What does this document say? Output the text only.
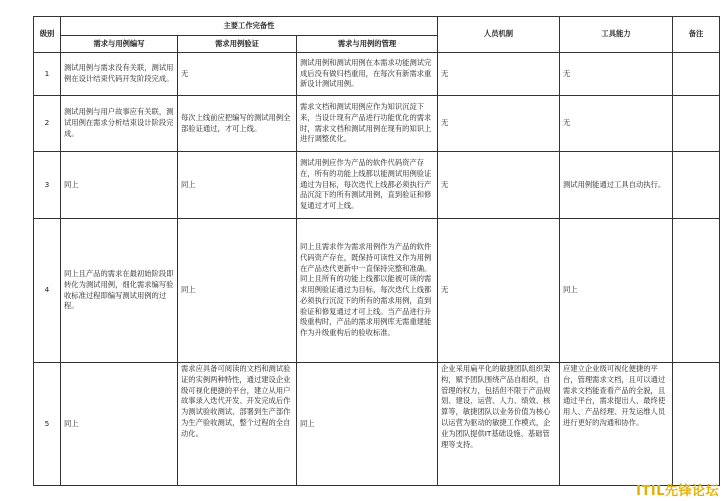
级别	主要工作完备性			人员机制	工具能力	备注
	需求与用例编写	需求用例验证	需求与用例的管理			
1	测试用例与需求没有关联，测试用例在设计结束代码开发阶段完成。	无	测试用例和测试用例在本需求功能测试完成后没有做归档重用，在每次有新需求重新设计测试用例。	无	无	
2	测试用例与用户故事应有关联，测试用例在需求分析结束设计阶段完成。	每次上线前应把编写的测试用例全部验证通过，才可上线。	需求文档和测试用例应作为知识沉淀下来，当设计现有产品进行功能优化的需求时，需求文档和测试用例在现有的知识上进行调整优化。	无	无	
3	同上	同上	测试用例应作为产品的软件代码资产存在，所有的功能上线都以能测试用例验证通过为目标，每次迭代上线都必须执行产品沉淀下的所有测试用例，直到验证和修复通过才可上线。	无	测试用例能通过工具自动执行。	
4	同上且产品的需求在最初始阶段即转化为测试用例，细化需求编写验收标准过程即编写测试用例的过程。	同上	同上且需求作为需求用例作为产品的软件代码资产存在，既保持可读性又作为用例在产品迭代更新中一直保持完整和准确。同上且所有的功能上线都以能被可读的需求用例验证通过为目标，每次迭代上线都必须执行沉淀下的所有的需求用例，直到验证和修复通过才可上线。当产品进行升级重构时，产品的需求用例库无需重建能作为升级重构后的验收标准。	无	同上	
5	同上	需求应具备可阅读的文档和测试验证的实例两种特性，通过建设企业级可视化便捷的平台，建立从用户故事录入迭代开发、开发完成后作为测试验收测试、部署到生产部作为生产验收测试，整个过程的全自动化。	同上	企业采用扁平化的敏捷团队组织架构，赋予团队围绕产品自组织，自管理的权力，包括但不限于产品规划、建设、运营、人力、绩效、核算等，敏捷团队以业务价值为核心以运营为驱动的敏捷工作模式，企业为团队提供IT基础设施、基础管理等支持。	应建立企业级可视化便捷的平台，管理需求文档，且可以通过需求文档能查看产品的全貌，且通过平台，需求提出人、最终使用人、产品经理、开发运维人员进行更好的沟通和协作。	
ITIL先锋论坛
